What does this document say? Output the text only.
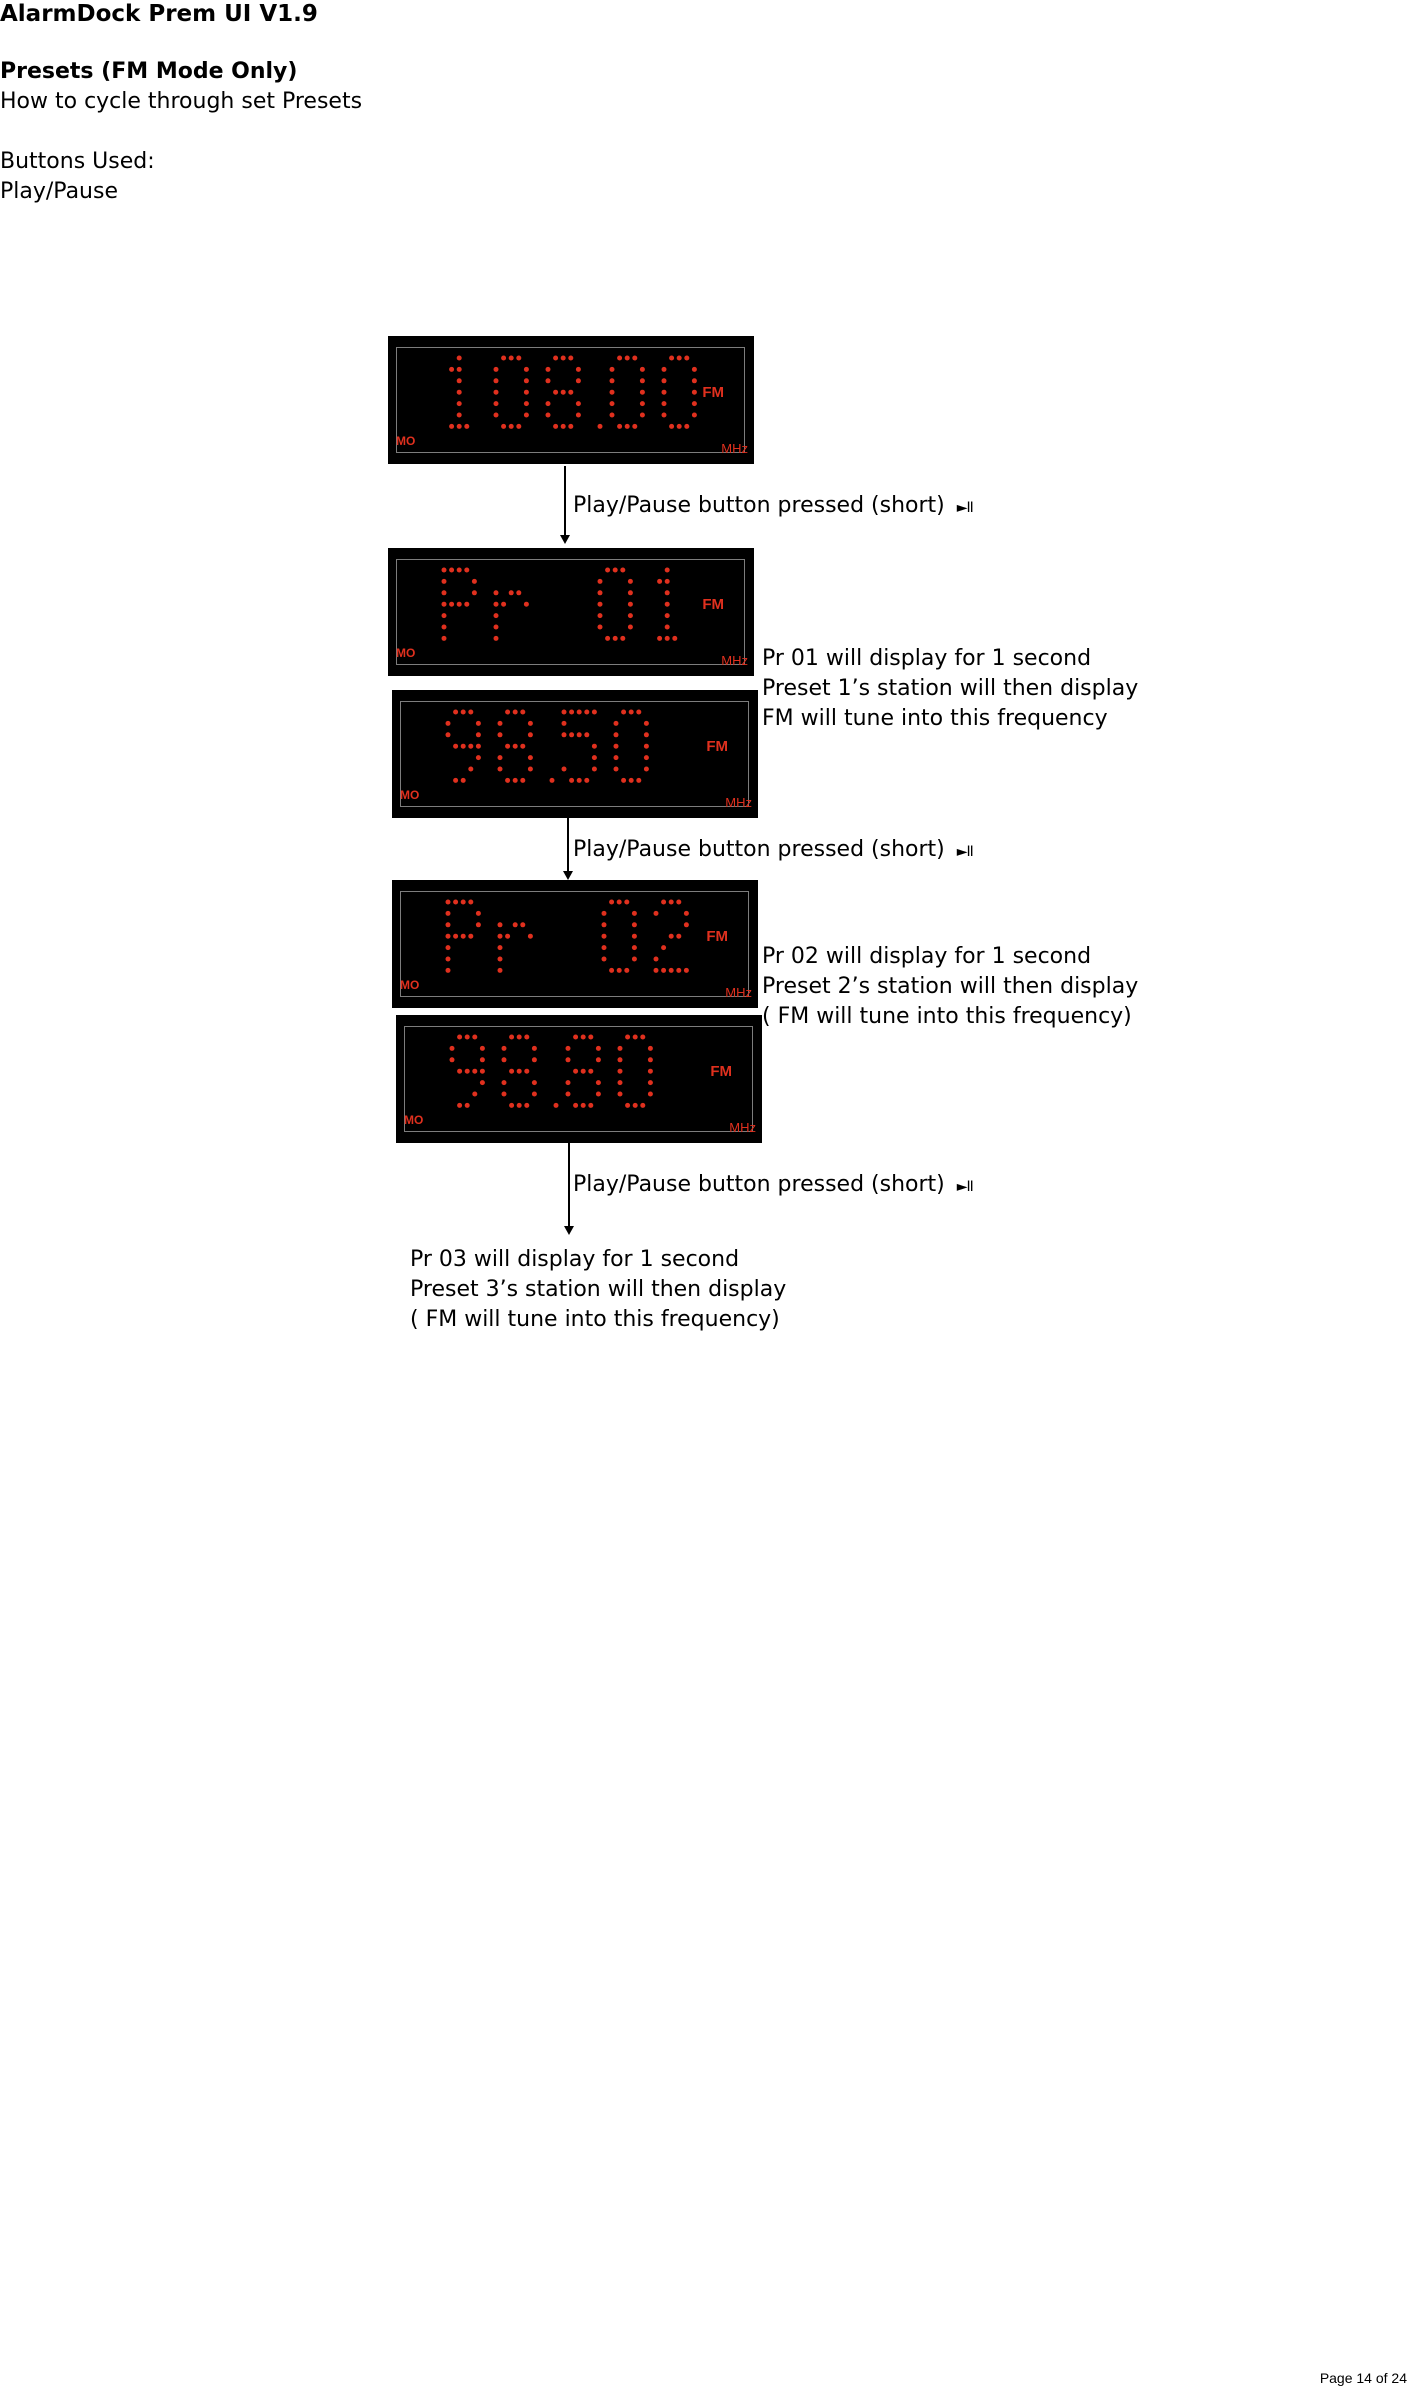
AlarmDock Prem UI V1.9
Presets (FM Mode Only)
How to cycle through set Presets
Buttons Used:
Play/Pause
MO
FM
MHz
Play/Pause button pressed (short) ►II
MO
FM
MHz
MO
FM
MHz
Pr 01 will display for 1 second
Preset 1’s station will then display
FM will tune into this frequency
Play/Pause button pressed (short) ►II
MO
FM
MHz
MO
FM
MHz
Pr 02 will display for 1 second
Preset 2’s station will then display
( FM will tune into this frequency)
Play/Pause button pressed (short) ►II
Pr 03 will display for 1 second
Preset 3’s station will then display
( FM will tune into this frequency)
Page 14 of 24
